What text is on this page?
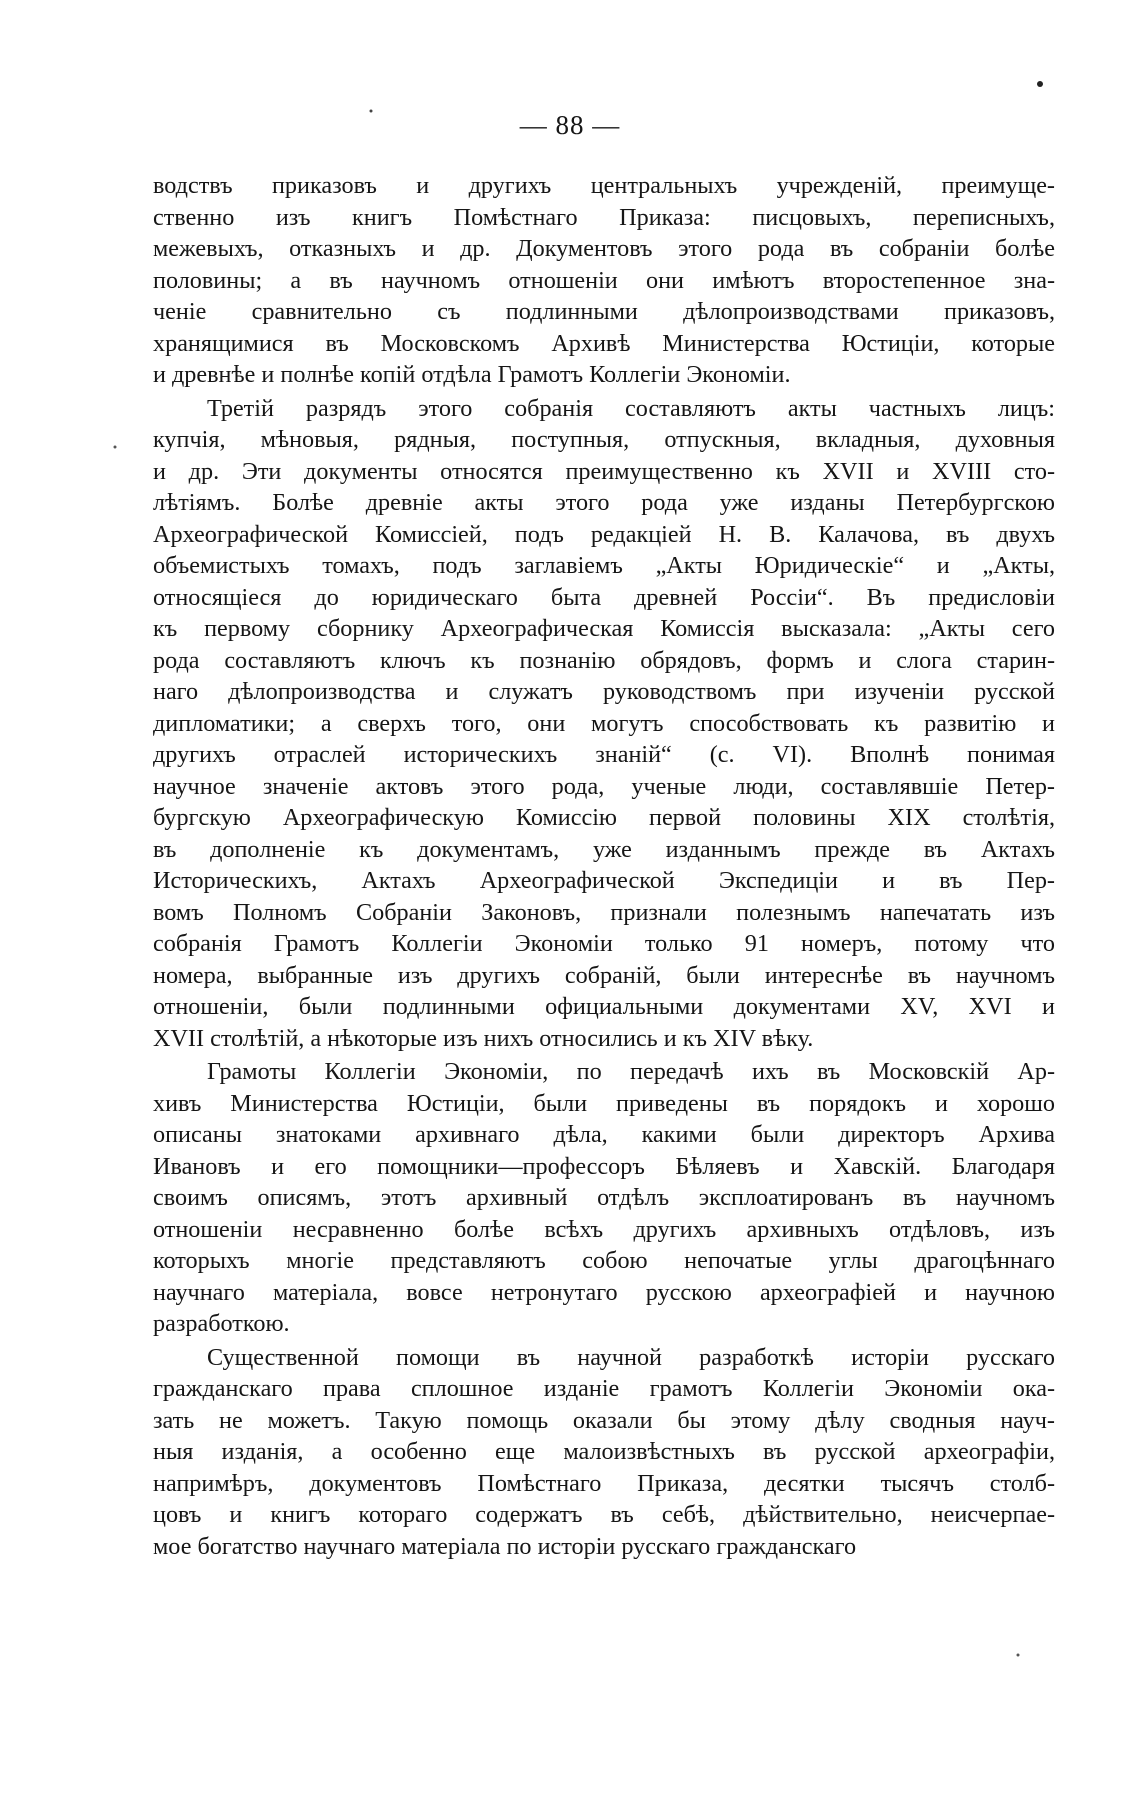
— 88 —
водствъ приказовъ и другихъ центральныхъ учрежденій, преимуще-
ственно изъ книгъ Помѣстнаго Приказа: писцовыхъ, переписныхъ,
межевыхъ, отказныхъ и др. Документовъ этого рода въ собраніи болѣе
половины; а въ научномъ отношеніи они имѣютъ второстепенное зна-
ченіе сравнительно съ подлинными дѣлопроизводствами приказовъ,
хранящимися въ Московскомъ Архивѣ Министерства Юстиціи, которые
и древнѣе и полнѣе копій отдѣла Грамотъ Коллегіи Экономіи.
Третій разрядъ этого собранія составляютъ акты частныхъ лицъ:
купчія, мѣновыя, рядныя, поступныя, отпускныя, вкладныя, духовныя
и др. Эти документы относятся преимущественно къ XVII и XVIII сто-
лѣтіямъ. Болѣе древніе акты этого рода уже изданы Петербургскою
Археографической Комиссіей, подъ редакціей Н. В. Калачова, въ двухъ
объемистыхъ томахъ, подъ заглавіемъ „Акты Юридическіе“ и „Акты,
относящіеся до юридическаго быта древней Россіи“. Въ предисловіи
къ первому сборнику Археографическая Комиссія высказала: „Акты сего
рода составляютъ ключъ къ познанію обрядовъ, формъ и слога старин-
наго дѣлопроизводства и служатъ руководствомъ при изученіи русской
дипломатики; а сверхъ того, они могутъ способствовать къ развитію и
другихъ отраслей историческихъ знаній“ (с. VI). Вполнѣ понимая
научное значеніе актовъ этого рода, ученые люди, составлявшіе Петер-
бургскую Археографическую Комиссію первой половины XIX столѣтія,
въ дополненіе къ документамъ, уже изданнымъ прежде въ Актахъ
Историческихъ, Актахъ Археографической Экспедиціи и въ Пер-
вомъ Полномъ Собраніи Законовъ, признали полезнымъ напечатать изъ
собранія Грамотъ Коллегіи Экономіи только 91 номеръ, потому что
номера, выбранные изъ другихъ собраній, были интереснѣе въ научномъ
отношеніи, были подлинными официальными документами XV, XVI и
XVII столѣтій, а нѣкоторые изъ нихъ относились и къ XIV вѣку.
Грамоты Коллегіи Экономіи, по передачѣ ихъ въ Московскій Ар-
хивъ Министерства Юстиціи, были приведены въ порядокъ и хорошо
описаны знатоками архивнаго дѣла, какими были директоръ Архива
Ивановъ и его помощники—профессоръ Бѣляевъ и Хавскій. Благодаря
своимъ описямъ, этотъ архивный отдѣлъ эксплоатированъ въ научномъ
отношеніи несравненно болѣе всѣхъ другихъ архивныхъ отдѣловъ, изъ
которыхъ многіе представляютъ собою непочатые углы драгоцѣннаго
научнаго матеріала, вовсе нетронутаго русскою археографіей и научною
разработкою.
Существенной помощи въ научной разработкѣ исторіи русскаго
гражданскаго права сплошное изданіе грамотъ Коллегіи Экономіи ока-
зать не можетъ. Такую помощь оказали бы этому дѣлу сводныя науч-
ныя изданія, а особенно еще малоизвѣстныхъ въ русской археографіи,
напримѣръ, документовъ Помѣстнаго Приказа, десятки тысячъ столб-
цовъ и книгъ котораго содержатъ въ себѣ, дѣйствительно, неисчерпае-
мое богатство научнаго матеріала по исторіи русскаго гражданскаго
